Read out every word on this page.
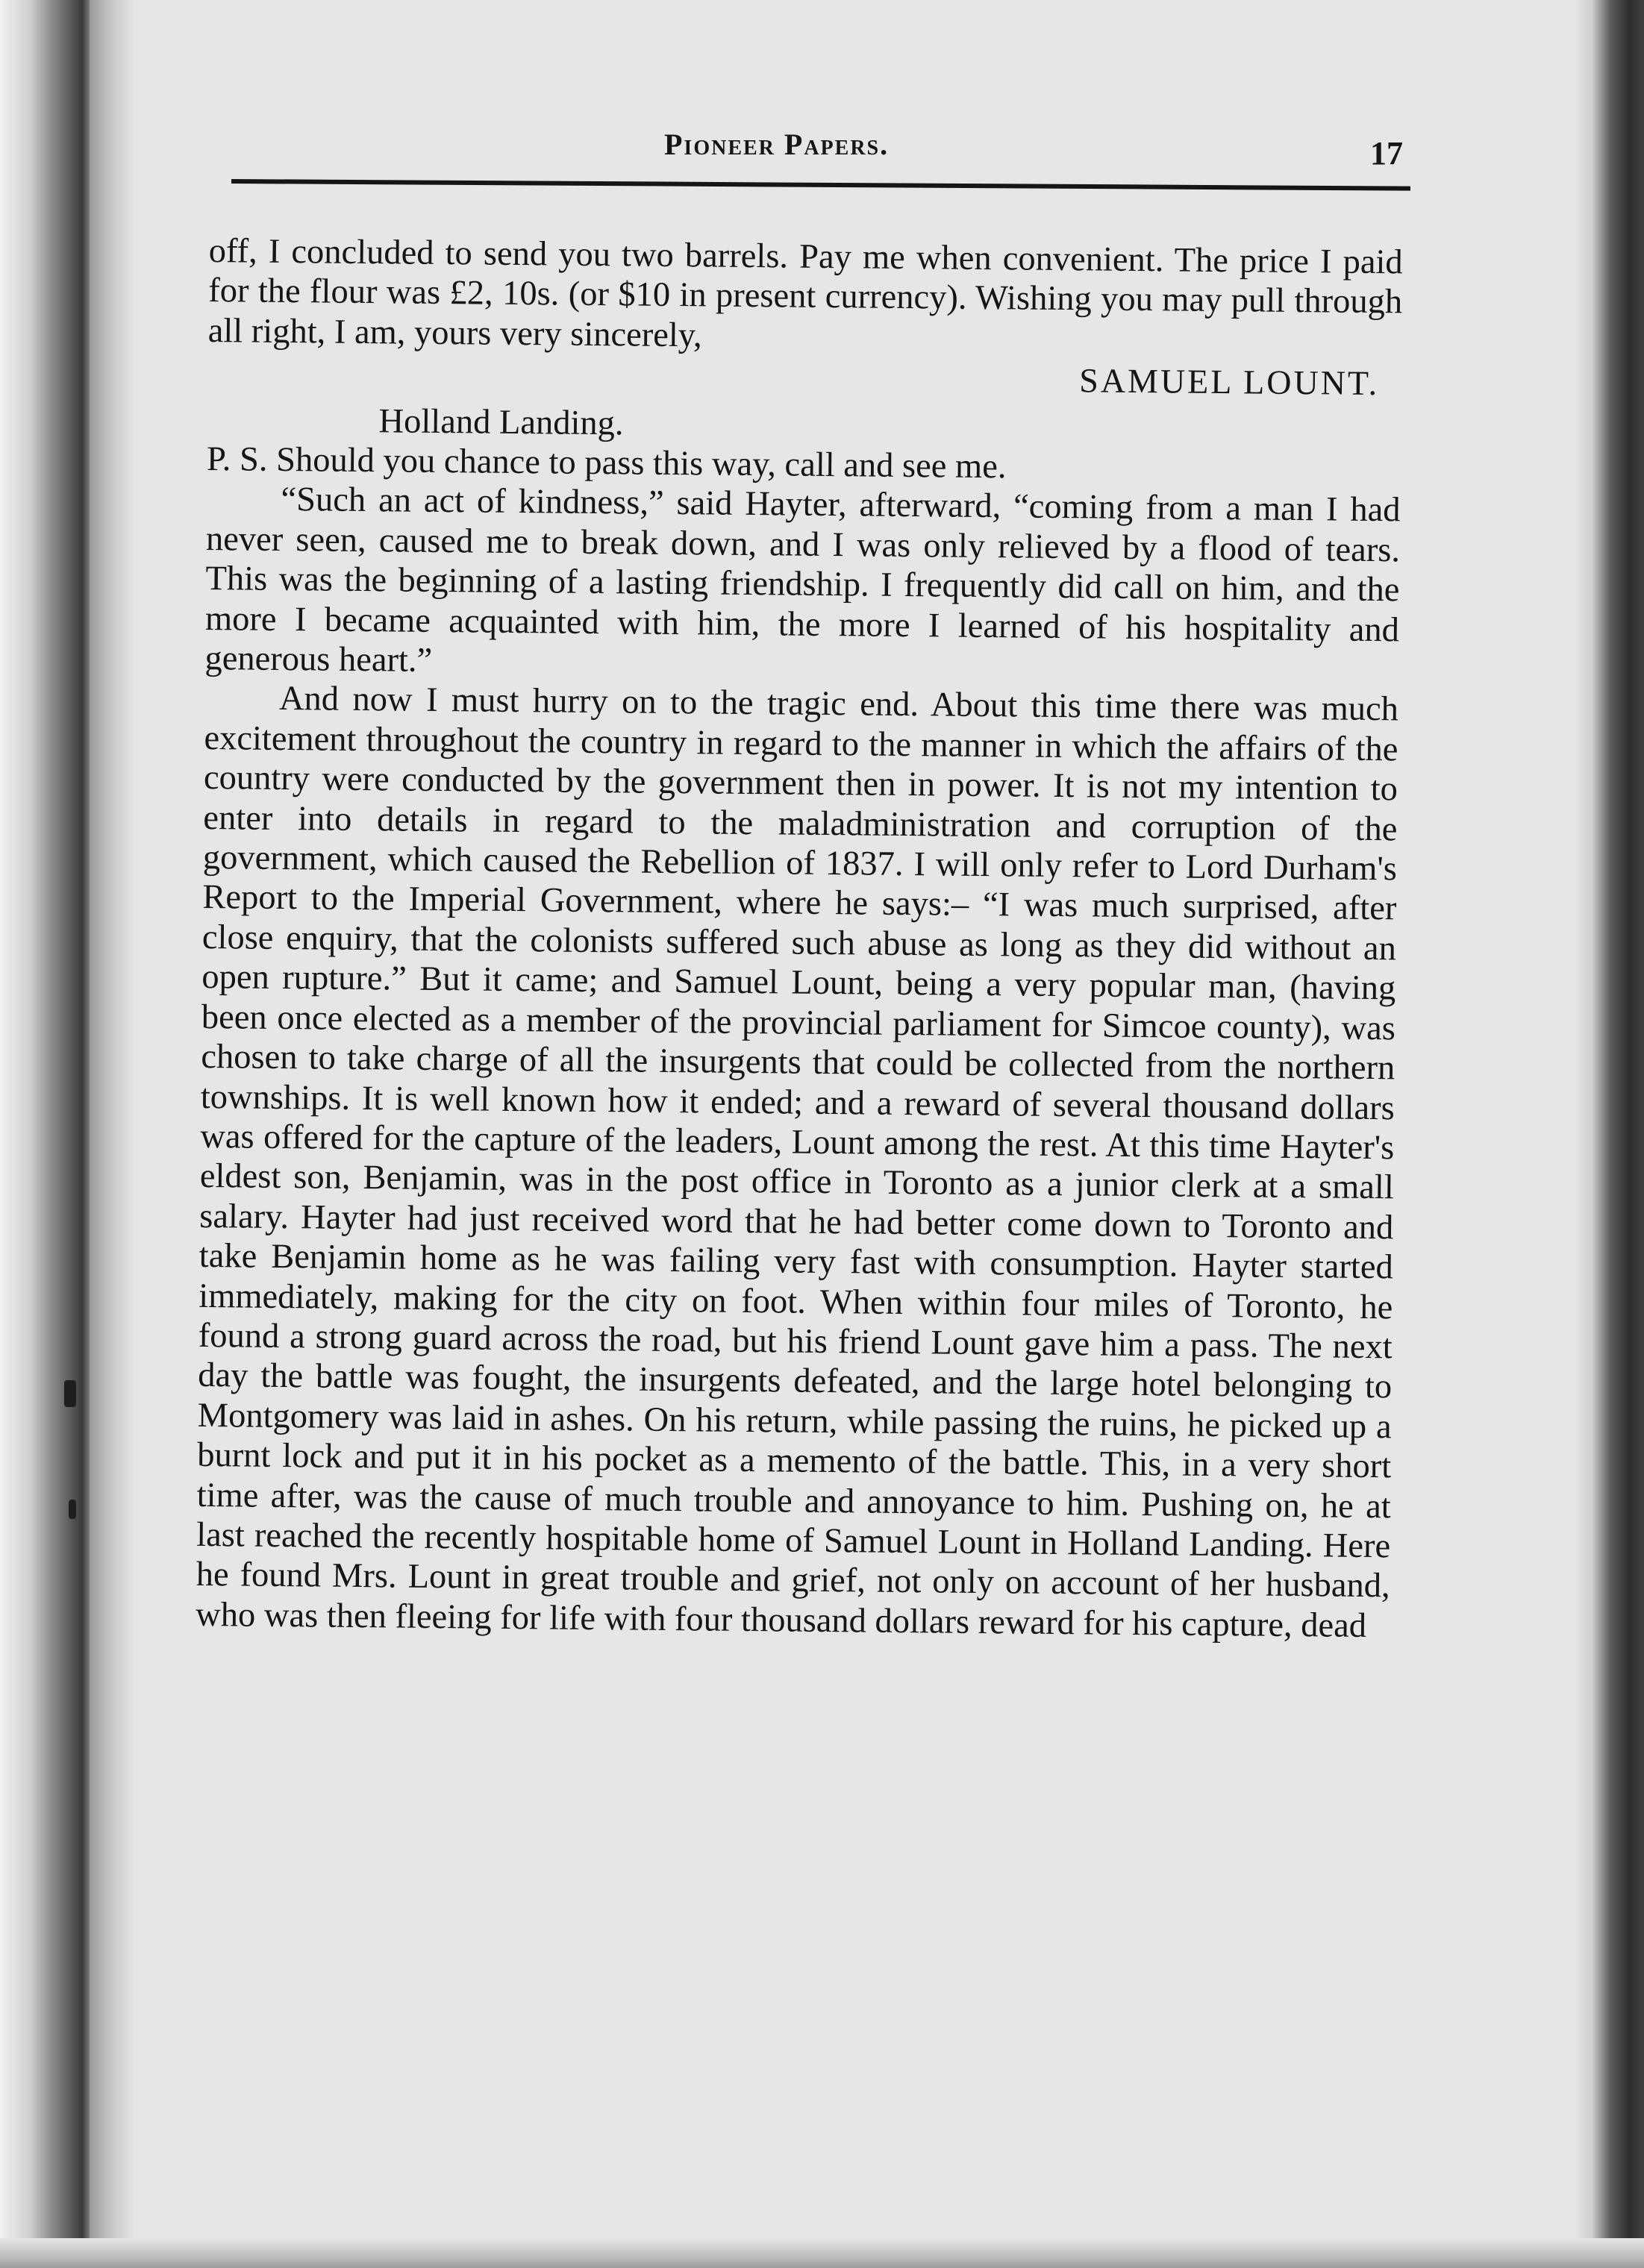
Pioneer Papers.	17

off, I concluded to send you two barrels. Pay me when convenient. The price I paid for the flour was £2, 10s. (or $10 in present currency). Wishing you may pull through all right, I am, yours very sincerely,

SAMUEL LOUNT.

Holland Landing.

P. S. Should you chance to pass this way, call and see me.

“Such an act of kindness,” said Hayter, afterward, “coming from a man I had never seen, caused me to break down, and I was only relieved by a flood of tears. This was the beginning of a lasting friendship. I frequently did call on him, and the more I became acquainted with him, the more I learned of his hospitality and generous heart.”

And now I must hurry on to the tragic end. About this time there was much excitement throughout the country in regard to the manner in which the affairs of the country were conducted by the government then in power. It is not my intention to enter into details in regard to the maladministration and corruption of the government, which caused the Rebellion of 1837. I will only refer to Lord Durham's Report to the Imperial Government, where he says:– “I was much surprised, after close enquiry, that the colonists suffered such abuse as long as they did without an open rupture.” But it came; and Samuel Lount, being a very popular man, (having been once elected as a member of the provincial parliament for Simcoe county), was chosen to take charge of all the insurgents that could be collected from the northern townships. It is well known how it ended; and a reward of several thousand dollars was offered for the capture of the leaders, Lount among the rest. At this time Hayter's eldest son, Benjamin, was in the post office in Toronto as a junior clerk at a small salary. Hayter had just received word that he had better come down to Toronto and take Benjamin home as he was failing very fast with consumption. Hayter started immediately, making for the city on foot. When within four miles of Toronto, he found a strong guard across the road, but his friend Lount gave him a pass. The next day the battle was fought, the insurgents defeated, and the large hotel belonging to Montgomery was laid in ashes. On his return, while passing the ruins, he picked up a burnt lock and put it in his pocket as a memento of the battle. This, in a very short time after, was the cause of much trouble and annoyance to him. Pushing on, he at last reached the recently hospitable home of Samuel Lount in Holland Landing. Here he found Mrs. Lount in great trouble and grief, not only on account of her husband, who was then fleeing for life with four thousand dollars reward for his capture, dead
